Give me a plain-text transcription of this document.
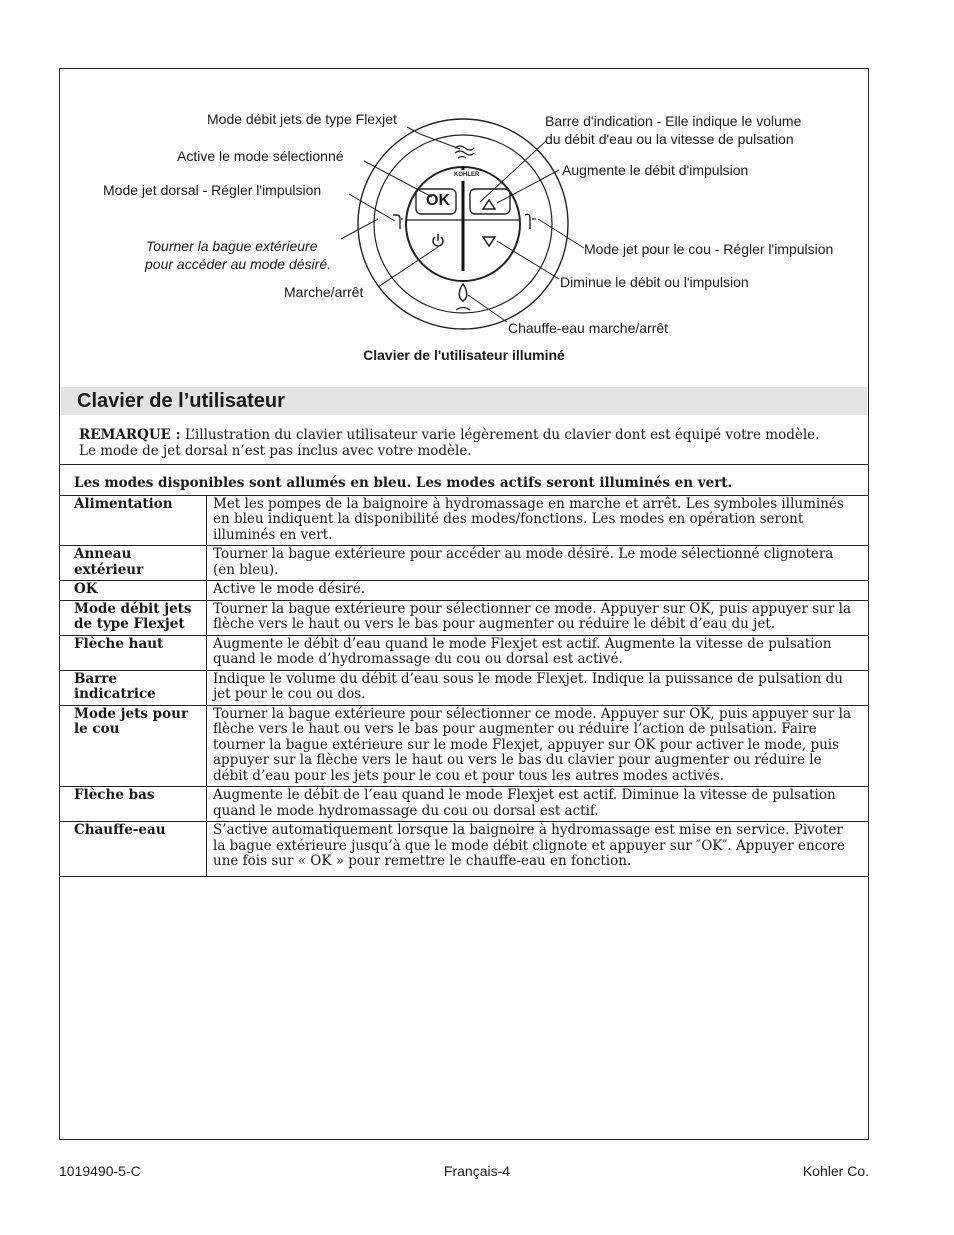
KOHLER
OK
Mode débit jets de type Flexjet
Active le mode sélectionné
Mode jet dorsal - Régler l'impulsion
Tourner la bague extérieure
pour accéder au mode désiré.
Marche/arrêt
Barre d'indication - Elle indique le volume
du débit d'eau ou la vitesse de pulsation
Augmente le débit d'impulsion
Mode jet pour le cou - Régler l'impulsion
Diminue le débit ou l'impulsion
Chauffe-eau marche/arrêt
Clavier de l'utilisateur illuminé
Clavier de l’utilisateur
REMARQUE : L’illustration du clavier utilisateur varie légèrement du clavier dont est équipé votre modèle. Le mode de jet dorsal n’est pas inclus avec votre modèle.
Les modes disponibles sont allumés en bleu. Les modes actifs seront illuminés en vert.	
Alimentation	Met les pompes de la baignoire à hydromassage en marche et arrêt. Les symboles illuminés en bleu indiquent la disponibilité des modes/fonctions. Les modes en opération seront illuminés en vert.
Anneau extérieur	Tourner la bague extérieure pour accéder au mode désiré. Le mode sélectionné clignotera (en bleu).
OK	Active le mode désiré.
Mode débit jets de type Flexjet	Tourner la bague extérieure pour sélectionner ce mode. Appuyer sur OK, puis appuyer sur la flèche vers le haut ou vers le bas pour augmenter ou réduire le débit d’eau du jet.
Flèche haut	Augmente le débit d’eau quand le mode Flexjet est actif. Augmente la vitesse de pulsation quand le mode d’hydromassage du cou ou dorsal est activé.
Barre indicatrice	Indique le volume du débit d’eau sous le mode Flexjet. Indique la puissance de pulsation du jet pour le cou ou dos.
Mode jets pour le cou	Tourner la bague extérieure pour sélectionner ce mode. Appuyer sur OK, puis appuyer sur la flèche vers le haut ou vers le bas pour augmenter ou réduire l’action de pulsation. Faire tourner la bague extérieure sur le mode Flexjet, appuyer sur OK pour activer le mode, puis appuyer sur la flèche vers le haut ou vers le bas du clavier pour augmenter ou réduire le débit d’eau pour les jets pour le cou et pour tous les autres modes activés.
Flèche bas	Augmente le débit de l’eau quand le mode Flexjet est actif. Diminue la vitesse de pulsation quand le mode hydromassage du cou ou dorsal est actif.
Chauffe-eau	S’active automatiquement lorsque la baignoire à hydromassage est mise en service. Pivoter la bague extérieure jusqu’à que le mode débit clignote et appuyer sur ″OK″. Appuyer encore une fois sur « OK » pour remettre le chauffe-eau en fonction.
1019490-5-C	Français-4	Kohler Co.
